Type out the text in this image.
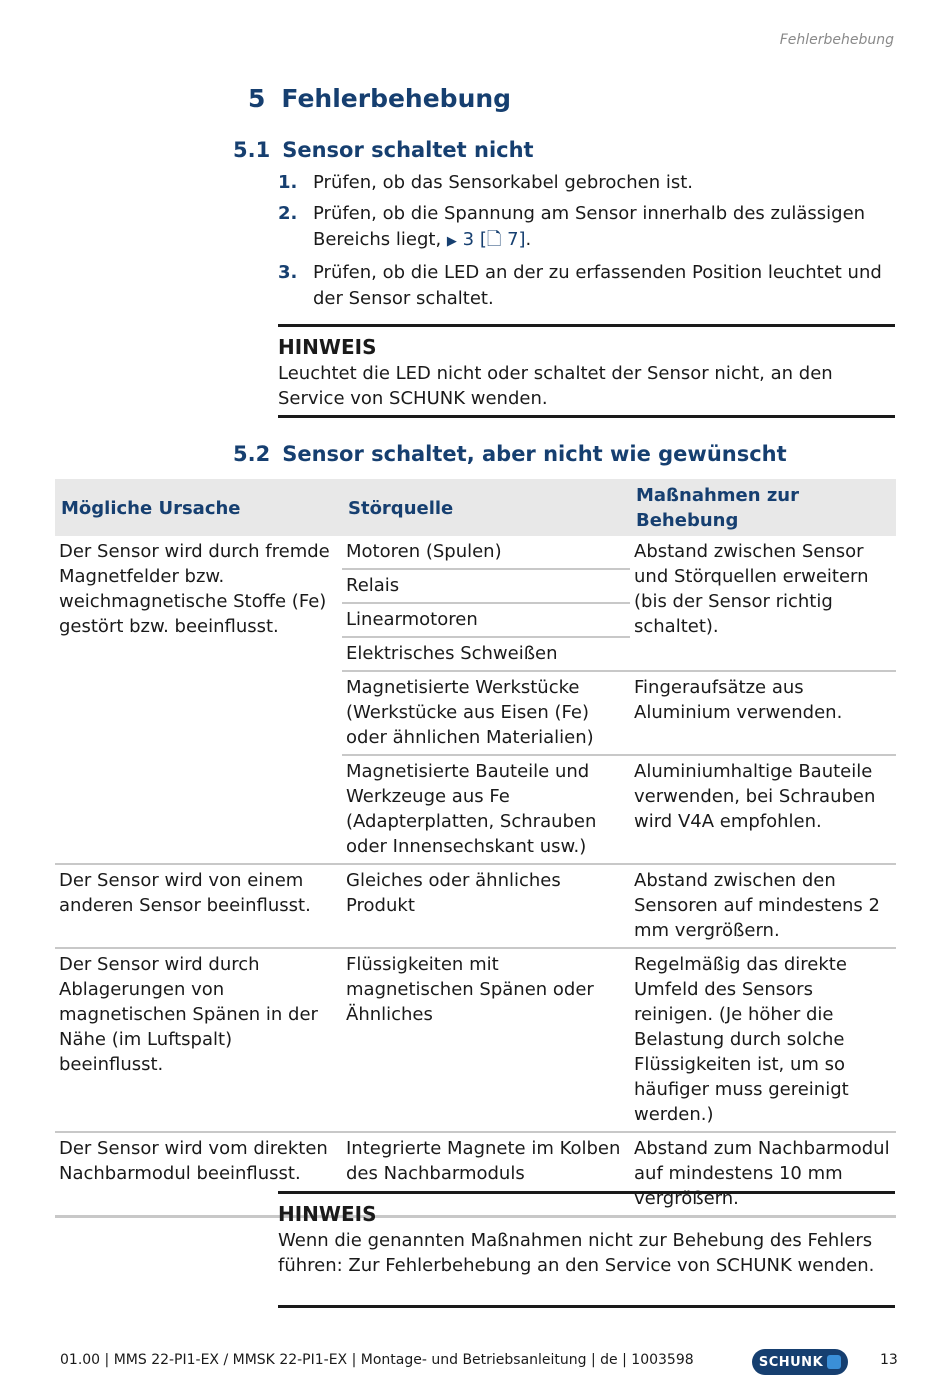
Fehlerbehebung
5 Fehlerbehebung
5.1 Sensor schaltet nicht
1. Prüfen, ob das Sensorkabel gebrochen ist.
2. Prüfen, ob die Spannung am Sensor innerhalb des zulässigen Bereichs liegt, ▶ 3 [🗋 7].
3. Prüfen, ob die LED an der zu erfassenden Position leuchtet und der Sensor schaltet.
HINWEIS
Leuchtet die LED nicht oder schaltet der Sensor nicht, an den Service von SCHUNK wenden.
5.2 Sensor schaltet, aber nicht wie gewünscht
Mögliche Ursache	Störquelle	Maßnahmen zur Behebung
Der Sensor wird durch fremde Magnetfelder bzw. weichmagnetische Stoffe (Fe) gestört bzw. beeinflusst.	Motoren (Spulen)	Abstand zwischen Sensor und Störquellen erweitern (bis der Sensor richtig schaltet).
	Relais	
	Linearmotoren	
	Elektrisches Schweißen	
	Magnetisierte Werkstücke (Werkstücke aus Eisen (Fe) oder ähnlichen Materialien)	Fingeraufsätze aus Aluminium verwenden.
	Magnetisierte Bauteile und Werkzeuge aus Fe (Adapterplatten, Schrauben oder Innensechskant usw.)	Aluminiumhaltige Bauteile verwenden, bei Schrauben wird V4A empfohlen.
Der Sensor wird von einem anderen Sensor beeinflusst.	Gleiches oder ähnliches Produkt	Abstand zwischen den Sensoren auf mindestens 2 mm vergrößern.
Der Sensor wird durch Ablagerungen von magnetischen Spänen in der Nähe (im Luftspalt) beeinflusst.	Flüssigkeiten mit magnetischen Spänen oder Ähnliches	Regelmäßig das direkte Umfeld des Sensors reinigen. (Je höher die Belastung durch solche Flüssigkeiten ist, um so häufiger muss gereinigt werden.)
Der Sensor wird vom direkten Nachbarmodul beeinflusst.	Integrierte Magnete im Kolben des Nachbarmoduls	Abstand zum Nachbarmodul auf mindestens 10 mm vergrößern.
HINWEIS
Wenn die genannten Maßnahmen nicht zur Behebung des Fehlers führen: Zur Fehlerbehebung an den Service von SCHUNK wenden.
01.00 | MMS 22-PI1-EX / MMSK 22-PI1-EX | Montage- und Betriebsanleitung | de | 1003598	SCHUNK	13
